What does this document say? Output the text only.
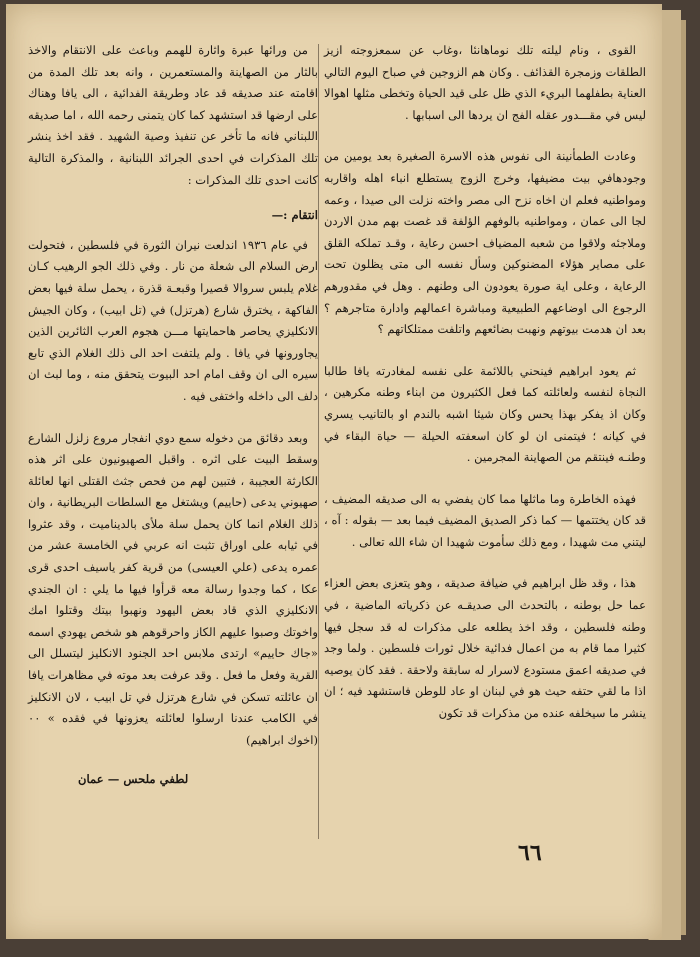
القوى ، ونام ليلته تلك نوماهانئا ،وغاب عن سمعزوجته ازيز الطلقات وزمجرة القذائف . وكان هم الزوجين في صباح اليوم التالي العناية بطفلهما البريء الذي ظل على قيد الحياة وتخطى مثلها اهوالا ليس في مقـــدور عقله الفج ان يردها الى اسبابها .

وعادت الطمأنينة الى نفوس هذه الاسرة الصغيرة بعد يومين من وجودهافي بيت مضيفها، وخرج الزوج يستطلع انباء اهله واقاربه ومواطنيه فعلم ان اخاه نزح الى مصر واخته نزلت الى صيدا ، وعمه لجا الى عمان ، ومواطنيه بالوفهم الؤلفة قد غصت بهم مدن الاردن وملاجئه ولاقوا من شعبه المضياف احسن رعاية ، وقـد تملكه القلق على مصاير هؤلاء المضنوكين وسأل نفسه الى متى يظلون تحت الرعاية ، وعلى اية صورة يعودون الى وطنهم . وهل في مقدورهم الرجوع الى اوضاعهم الطبيعية ومباشرة اعمالهم وادارة متاجرهم ؟ بعد ان هدمت بيوتهم ونهبت بضائعهم واتلفت ممتلكاتهم ؟

ثم يعود ابراهيم فينحني باللائمة على نفسه لمغادرته يافا طالبا النجاة لنفسه ولعائلته كما فعل الكثيرون من ابناء وطنه مكرهين ، وكان اذ يفكر بهذا يحس وكان شيئا اشبه بالندم او بالتانيب يسري في كيانه ؛ فيتمنى ان لو كان اسعفته الحيلة — حياة البقاء في وطنـه فينتقم من الصهاينة المجرمين .

فهذه الخاطرة وما ماثلها مما كان يفضي به الى صديقه المضيف ، قد كان يختتمها — كما ذكر الصديق المضيف فيما بعد — بقوله : آه ، ليتني مت شهيدا ، ومع ذلك سأموت شهيدا ان شاء الله تعالى .

هذا ، وقد ظل ابراهيم في ضيافة صديقه ، وهو يتعزى بعض العزاء عما حل بوطنه ، بالتحدث الى صديقـه عن ذكرياته الماضية ، في وطنه فلسطين ، وقد اخذ يطلعه على مذكرات له قد سجل فيها كثيرا مما قام به من اعمال فدائية خلال ثورات فلسطين . ولما وجد في صديقه اعمق مستودع لاسرار له سابقة ولاحقة . فقد كان يوصيه اذا ما لقي حتفه حيث هو في لبنان او عاد للوطن فاستشهد فيه ؛ ان ينشر ما سيخلفه عنده من مذكرات قد تكون

من ورائها عبرة واثارة للهمم وباعث على الانتقام والاخذ بالثار من الصهاينة والمستعمرين ، وانه بعد تلك المدة من اقامته عند صديقه قد عاد وطريقة الفدائية ، الى يافا وهناك على ارضها قد استشهد كما كان يتمنى رحمه الله ، اما صديقه اللبناني فانه ما تأخر عن تنفيذ وصية الشهيد . فقد اخذ ينشر تلك المذكرات في احدى الجرائد اللبنانية ، والمذكرة التالية كانت احدى تلك المذكرات :

انتقام :—

في عام ١٩٣٦ اندلعت نيران الثورة في فلسطين ، فتحولت ارض السلام الى شعلة من نار . وفي ذلك الجو الرهيب كـان غلام يلبس سروالا قصيرا وقبعـة قذرة ، يحمل سلة فيها بعض الفاكهة ، يخترق شارع (هرتزل) في (تل ابيب) ، وكان الجيش الانكليزي يحاصر هاحمايتها مـــن هجوم العرب الثائرين الذين يجاورونها في يافا . ولم يلتفت احد الى ذلك الغلام الذي تابع سيره الى ان وقف امام احد البيوت يتحقق منه ، وما لبث ان دلف الى داخله واختفى فيه .

وبعد دقائق من دخوله سمع دوي انفجار مروع زلزل الشارع وسقط البيت على اثره . واقبل الصهيونيون على اثر هذه الكارثة العجيبة ، فتبين لهم من فحص جثث القتلى انها لعائلة صهيوني يدعى (حاييم) ويشتغل مع السلطات البريطانية ، وان ذلك الغلام انما كان يحمل سلة ملأى بالديناميت ، وقد عثروا في ثيابه على اوراق تثبت انه عربي في الخامسة عشر من عمره يدعى (علي العيسى) من قرية كفر ياسيف احدى قرى عكا ، كما وجدوا رسالة معه قرأوا فيها ما يلي : ان الجندي الانكليزي الذي قاد بعض اليهود ونهبوا بيتك وقتلوا امك واخوتك وصبوا عليهم الكاز واحرقوهم هو شخص يهودي اسمه «جاك حاييم» ارتدى ملابس احد الجنود الانكليز ليتسلل الى القرية وفعل ما فعل . وقد عرفت بعد موته في مظاهرات يافا ان عائلته تسكن في شارع هرتزل في تل ابيب ، لان الانكليز في الكامب عندنا ارسلوا لعائلته يعزونها في فقده » ٠٠ (اخوك ابراهيم)

لطفي ملحس — عمان

٦٦
